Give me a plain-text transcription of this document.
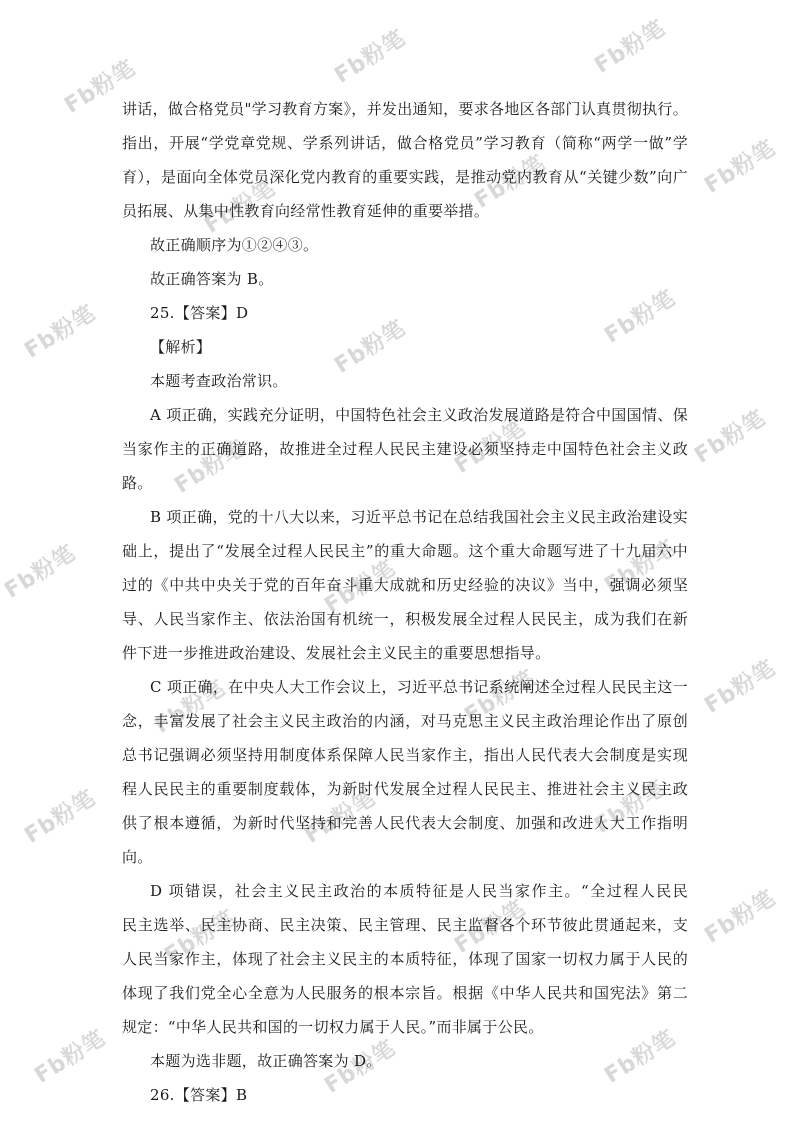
Fb粉笔	Fb粉笔	Fb粉笔
Fb粉笔	Fb粉笔	Fb粉笔
Fb粉笔	Fb粉笔	Fb粉笔
Fb粉笔	Fb粉笔	Fb粉笔
Fb粉笔	Fb粉笔	Fb粉笔
Fb粉笔	Fb粉笔	Fb粉笔
Fb粉笔	Fb粉笔	Fb粉笔
Fb粉笔	Fb粉笔	Fb粉笔
Fb粉笔	Fb粉笔	Fb粉笔
讲话，做合格党员"学习教育方案》，并发出通知，要求各地区各部门认真贯彻执行。
指出，开展“学党章党规、学系列讲话，做合格党员”学习教育（简称“两学一做”学
育），是面向全体党员深化党内教育的重要实践，是推动党内教育从“关键少数”向广
员拓展、从集中性教育向经常性教育延伸的重要举措。
故正确顺序为①②④③。
故正确答案为 B。
25.【答案】D
【解析】
本题考查政治常识。
A 项正确，实践充分证明，中国特色社会主义政治发展道路是符合中国国情、保
当家作主的正确道路，故推进全过程人民民主建设必须坚持走中国特色社会主义政
路。
B 项正确，党的十八大以来，习近平总书记在总结我国社会主义民主政治建设实
础上，提出了“发展全过程人民民主”的重大命题。这个重大命题写进了十九届六中
过的《中共中央关于党的百年奋斗重大成就和历史经验的决议》当中，强调必须坚
导、人民当家作主、依法治国有机统一，积极发展全过程人民民主，成为我们在新
件下进一步推进政治建设、发展社会主义民主的重要思想指导。
C 项正确，在中央人大工作会议上，习近平总书记系统阐述全过程人民民主这一
念，丰富发展了社会主义民主政治的内涵，对马克思主义民主政治理论作出了原创
总书记强调必须坚持用制度体系保障人民当家作主，指出人民代表大会制度是实现
程人民民主的重要制度载体，为新时代发展全过程人民民主、推进社会主义民主政
供了根本遵循，为新时代坚持和完善人民代表大会制度、加强和改进人大工作指明
向。
D 项错误，社会主义民主政治的本质特征是人民当家作主。“全过程人民民
民主选举、民主协商、民主决策、民主管理、民主监督各个环节彼此贯通起来，支
人民当家作主，体现了社会主义民主的本质特征，体现了国家一切权力属于人民的
体现了我们党全心全意为人民服务的根本宗旨。根据《中华人民共和国宪法》第二
规定：“中华人民共和国的一切权力属于人民。”而非属于公民。
本题为选非题，故正确答案为 D。
26.【答案】B
